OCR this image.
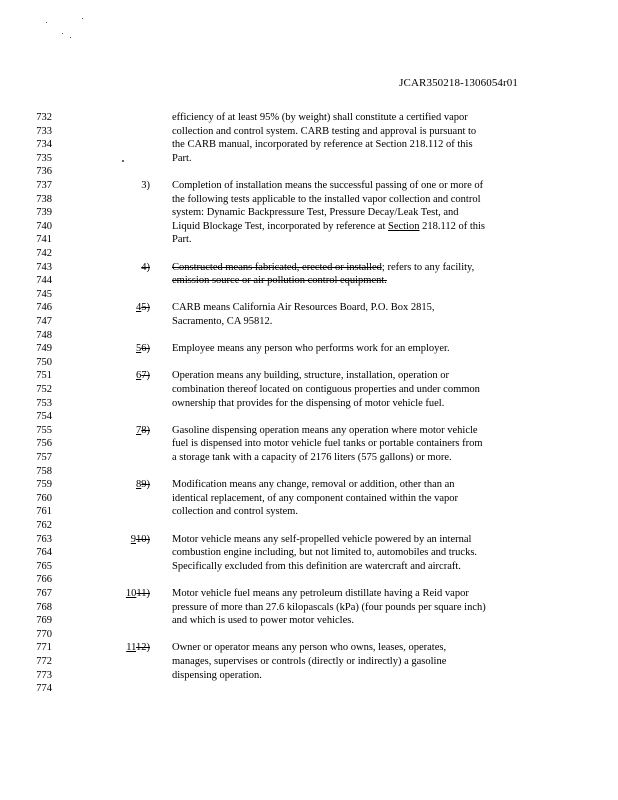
JCAR350218-1306054r01
732	efficiency of at least 95% (by weight) shall constitute a certified vapor
733	collection and control system. CARB testing and approval is pursuant to
734	the CARB manual, incorporated by reference at Section 218.112 of this
735	Part.
736
737	3) Completion of installation means the successful passing of one or more of
738	the following tests applicable to the installed vapor collection and control
739	system: Dynamic Backpressure Test, Pressure Decay/Leak Test, and
740	Liquid Blockage Test, incorporated by reference at Section 218.112 of this
741	Part.
742
743	4) Constructed means fabricated, erected or installed; refers to any facility,
744	emission source or air pollution control equipment.
745
746	45) CARB means California Air Resources Board, P.O. Box 2815,
747	Sacramento, CA 95812.
748
749	56) Employee means any person who performs work for an employer.
750
751	67) Operation means any building, structure, installation, operation or
752	combination thereof located on contiguous properties and under common
753	ownership that provides for the dispensing of motor vehicle fuel.
754
755	78) Gasoline dispensing operation means any operation where motor vehicle
756	fuel is dispensed into motor vehicle fuel tanks or portable containers from
757	a storage tank with a capacity of 2176 liters (575 gallons) or more.
758
759	89) Modification means any change, removal or addition, other than an
760	identical replacement, of any component contained within the vapor
761	collection and control system.
762
763	910) Motor vehicle means any self-propelled vehicle powered by an internal
764	combustion engine including, but not limited to, automobiles and trucks.
765	Specifically excluded from this definition are watercraft and aircraft.
766
767	1011) Motor vehicle fuel means any petroleum distillate having a Reid vapor
768	pressure of more than 27.6 kilopascals (kPa) (four pounds per square inch)
769	and which is used to power motor vehicles.
770
771	1112) Owner or operator means any person who owns, leases, operates,
772	manages, supervises or controls (directly or indirectly) a gasoline
773	dispensing operation.
774
